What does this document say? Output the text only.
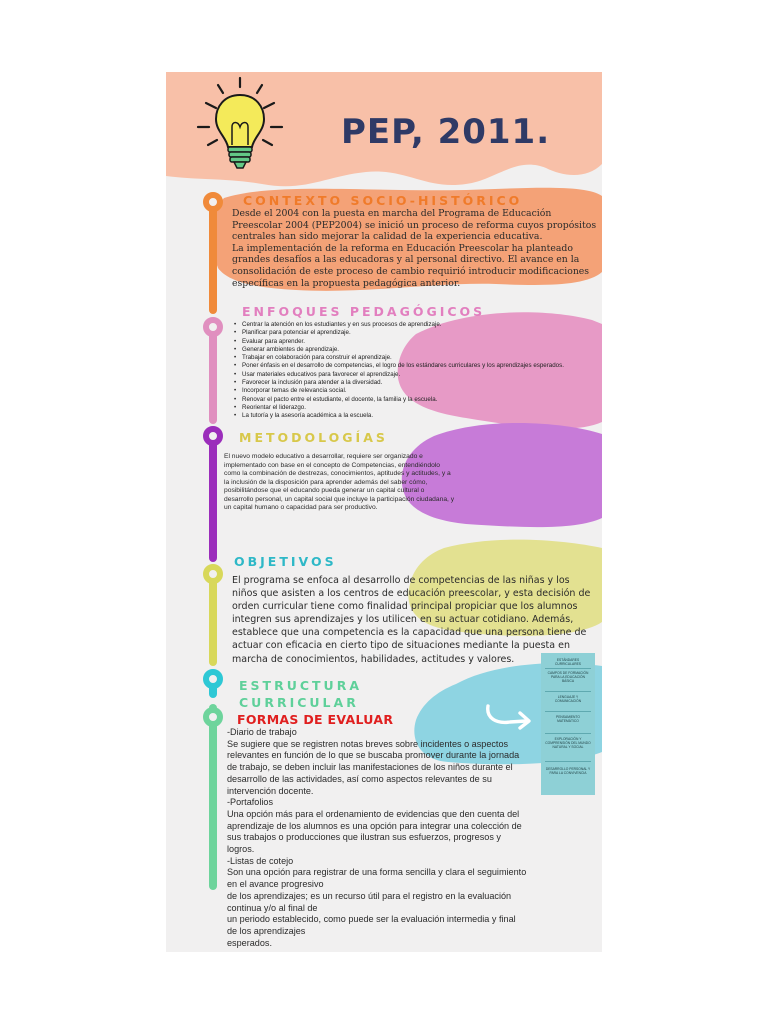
PEP, 2011.
CONTEXTO SOCIO-HISTÓRICO
Desde el 2004 con la puesta en marcha del Programa de Educación
Preescolar 2004 (PEP2004) se inició un proceso de reforma cuyos propósitos
centrales han sido mejorar la calidad de la experiencia educativa.
La implementación de la reforma en Educación Preescolar ha planteado
grandes desafíos a las educadoras y al personal directivo. El avance en la
consolidación de este proceso de cambio requirió introducir modificaciones
específicas en la propuesta pedagógica anterior.
ENFOQUES PEDAGÓGICOS
• Centrar la atención en los estudiantes y en sus procesos de aprendizaje.
• Planificar para potenciar el aprendizaje.
• Evaluar para aprender.
• Generar ambientes de aprendizaje.
• Trabajar en colaboración para construir el aprendizaje.
• Poner énfasis en el desarrollo de competencias, el logro de los estándares curriculares y los aprendizajes esperados.
• Usar materiales educativos para favorecer el aprendizaje.
• Favorecer la inclusión para atender a la diversidad.
• Incorporar temas de relevancia social.
• Renovar el pacto entre el estudiante, el docente, la familia y la escuela.
• Reorientar el liderazgo.
• La tutoría y la asesoría académica a la escuela.
METODOLOGÍAS
El nuevo modelo educativo a desarrollar, requiere ser organizado e
implementado con base en el concepto de Competencias, entendiéndolo
como la combinación de destrezas, conocimientos, aptitudes y actitudes, y a
la inclusión de la disposición para aprender además del saber cómo,
posibilitándose que el educando pueda generar un capital cultural o
desarrollo personal, un capital social que incluye la participación ciudadana, y
un capital humano o capacidad para ser productivo.
OBJETIVOS
El programa se enfoca al desarrollo de competencias de las niñas y los
niños que asisten a los centros de educación preescolar, y esta decisión de
orden curricular tiene como finalidad principal propiciar que los alumnos
integren sus aprendizajes y los utilicen en su actuar cotidiano. Además,
establece que una competencia es la capacidad que una persona tiene de
actuar con eficacia en cierto tipo de situaciones mediante la puesta en
marcha de conocimientos, habilidades, actitudes y valores.
ESTRUCTURA
CURRICULAR
ESTÁNDARES CURRICULARES
CAMPOS DE FORMACIÓN PARA LA EDUCACIÓN BÁSICA
LENGUAJE Y COMUNICACIÓN
PENSAMIENTO MATEMÁTICO
EXPLORACIÓN Y COMPRENSIÓN DEL MUNDO NATURAL Y SOCIAL
DESARROLLO PERSONAL Y PARA LA CONVIVENCIA
FORMAS DE EVALUAR
-Diario de trabajo
Se sugiere que se registren notas breves sobre incidentes o aspectos
relevantes en función de lo que se buscaba promover durante la jornada
de trabajo, se deben incluir las manifestaciones de los niños durante el
desarrollo de las actividades, así como aspectos relevantes de su
intervención docente.
-Portafolios
Una opción más para el ordenamiento de evidencias que den cuenta del
aprendizaje de los alumnos es una opción para integrar una colección de
sus trabajos o producciones que ilustran sus esfuerzos, progresos y
logros.
-Listas de cotejo
Son una opción para registrar de una forma sencilla y clara el seguimiento
en el avance progresivo
de los aprendizajes; es un recurso útil para el registro en la evaluación
continua y/o al final de
un periodo establecido, como puede ser la evaluación intermedia y final
de los aprendizajes
esperados.
